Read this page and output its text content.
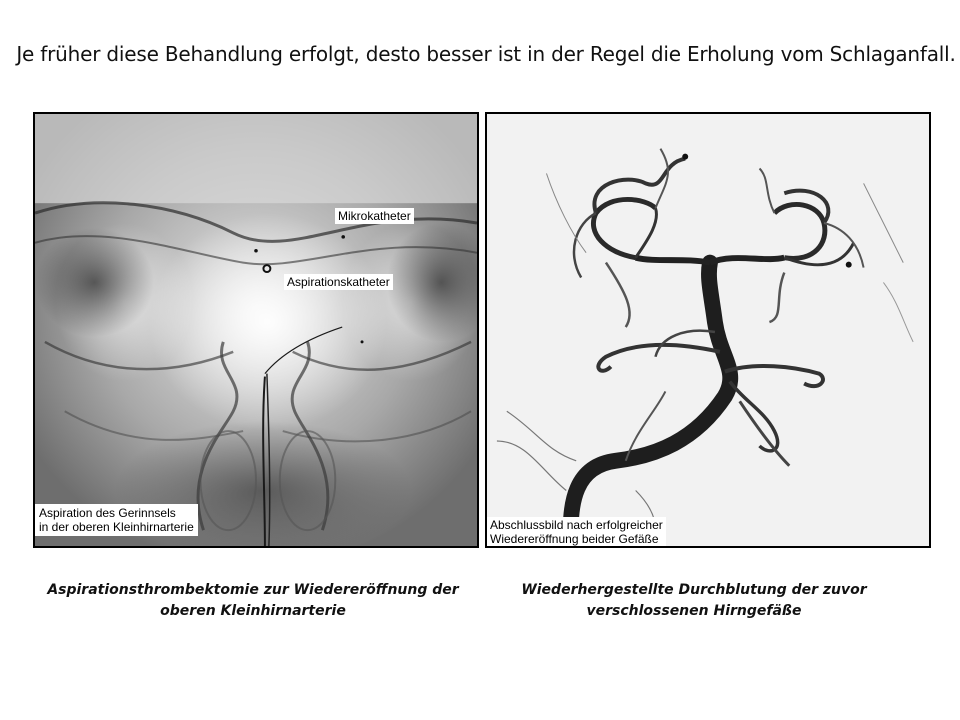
Je früher diese Behandlung erfolgt, desto besser ist in der Regel die Erholung vom Schlaganfall.
Mikrokatheter
Aspirationskatheter
Aspiration des Gerinnsels
in der oberen Kleinhirnarterie	Abschlussbild nach erfolgreicher
Wiedereröffnung beider Gefäße
Aspirationsthrombektomie zur Wiedereröffnung der
oberen Kleinhirnarterie
Wiederhergestellte Durchblutung der zuvor
verschlossenen Hirngefäße
